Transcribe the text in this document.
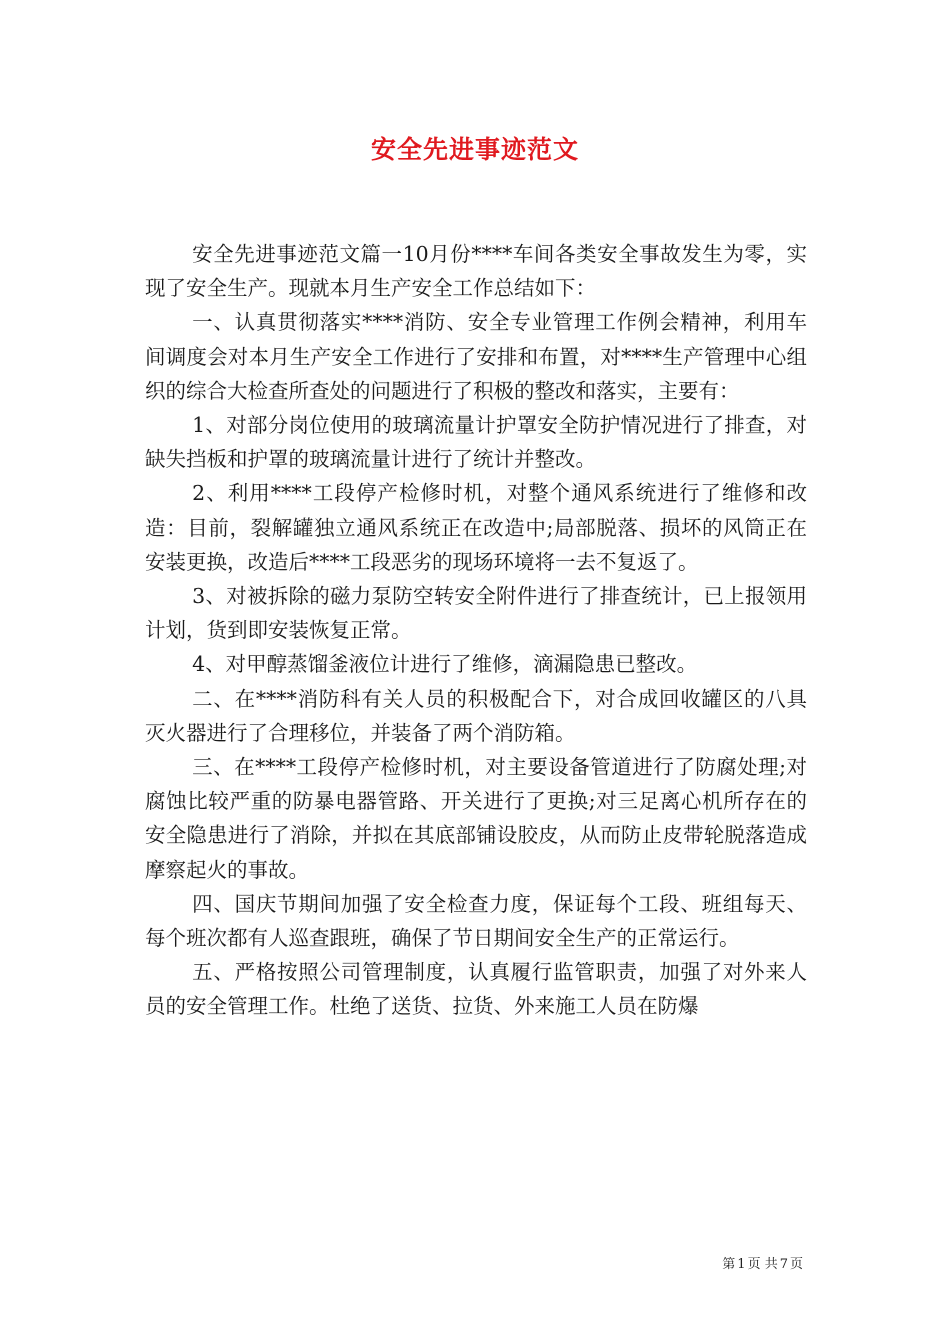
安全先进事迹范文

安全先进事迹范文篇一10月份****车间各类安全事故发生为零，实现了安全生产。现就本月生产安全工作总结如下：

一、认真贯彻落实****消防、安全专业管理工作例会精神，利用车间调度会对本月生产安全工作进行了安排和布置，对****生产管理中心组织的综合大检查所查处的问题进行了积极的整改和落实，主要有：

1、对部分岗位使用的玻璃流量计护罩安全防护情况进行了排查，对缺失挡板和护罩的玻璃流量计进行了统计并整改。

2、利用****工段停产检修时机，对整个通风系统进行了维修和改造：目前，裂解罐独立通风系统正在改造中;局部脱落、损坏的风筒正在安装更换，改造后****工段恶劣的现场环境将一去不复返了。

3、对被拆除的磁力泵防空转安全附件进行了排查统计，已上报领用计划，货到即安装恢复正常。

4、对甲醇蒸馏釜液位计进行了维修，滴漏隐患已整改。

二、在****消防科有关人员的积极配合下，对合成回收罐区的八具灭火器进行了合理移位，并装备了两个消防箱。

三、在****工段停产检修时机，对主要设备管道进行了防腐处理;对腐蚀比较严重的防暴电器管路、开关进行了更换;对三足离心机所存在的安全隐患进行了消除，并拟在其底部铺设胶皮，从而防止皮带轮脱落造成摩察起火的事故。

四、国庆节期间加强了安全检查力度，保证每个工段、班组每天、每个班次都有人巡查跟班，确保了节日期间安全生产的正常运行。

五、严格按照公司管理制度，认真履行监管职责，加强了对外来人员的安全管理工作。杜绝了送货、拉货、外来施工人员在防爆

第 1 页 共 7 页
